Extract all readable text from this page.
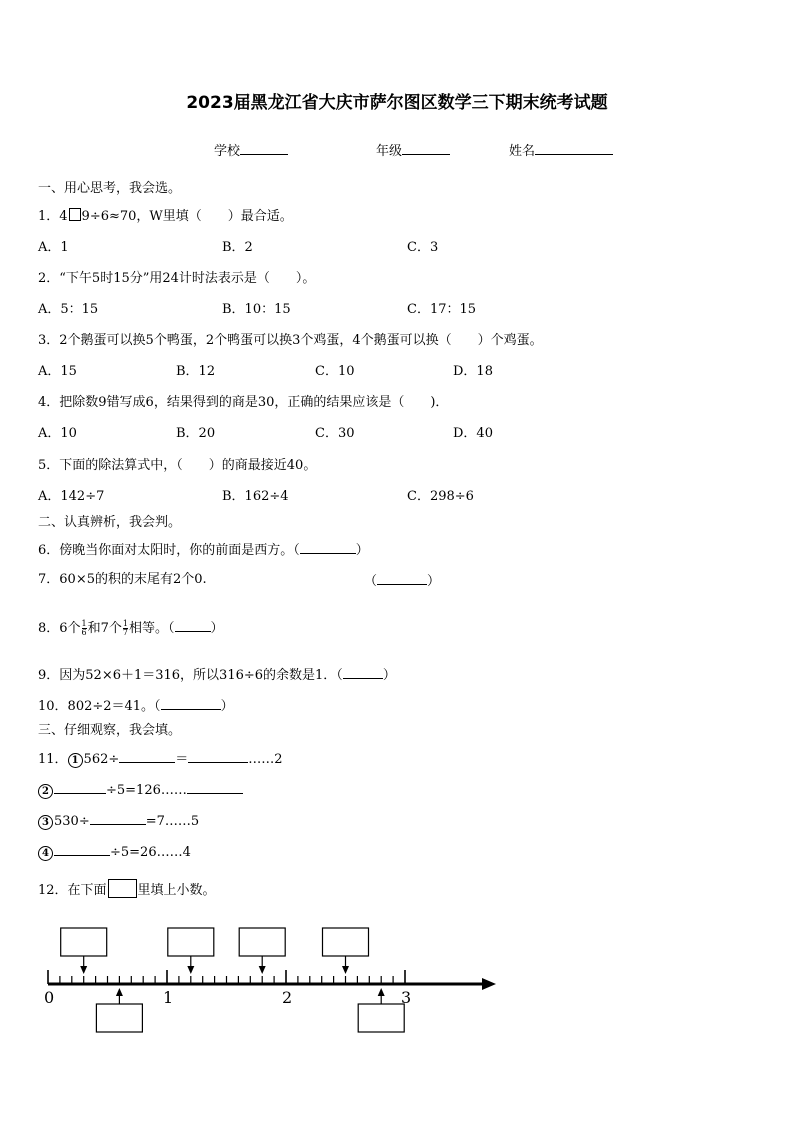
2023届黑龙江省大庆市萨尔图区数学三下期末统考试题
学校	年级	姓名
一、用心思考，我会选。
1．4 9÷6≈70，W里填（　　）最合适。
A．1	B．2	C．3
2．“下午5时15分”用24计时法表示是（　　）。
A．5：15	B．10：15	C．17：15
3．2个鹅蛋可以换5个鸭蛋，2个鸭蛋可以换3个鸡蛋，4个鹅蛋可以换（　　）个鸡蛋。
A．15	B．12	C．10	D．18
4．把除数9错写成6，结果得到的商是30，正确的结果应该是（　　)．
A．10	B．20	C．30	D．40
5．下面的除法算式中，（　　）的商最接近40。
A．142÷7	B．162÷4	C．298÷6
二、认真辨析，我会判。
6．傍晚当你面对太阳时，你的前面是西方。（	）
7．60×5的积的末尾有2个0.	（	）
8．6个 $\frac{1}{6}$ 和7个 $\frac{1}{7}$ 相等。（	）
9．因为52×6＋1＝316，所以316÷6的余数是1．（	）
10．802÷2＝41。（	）
三、仔细观察，我会填。
11． 1 562÷	＝	……2
2	÷5=126……
3 530÷	=7……5
4	÷5=26……4
12．在下面 里填上小数。
0	1	2	3
